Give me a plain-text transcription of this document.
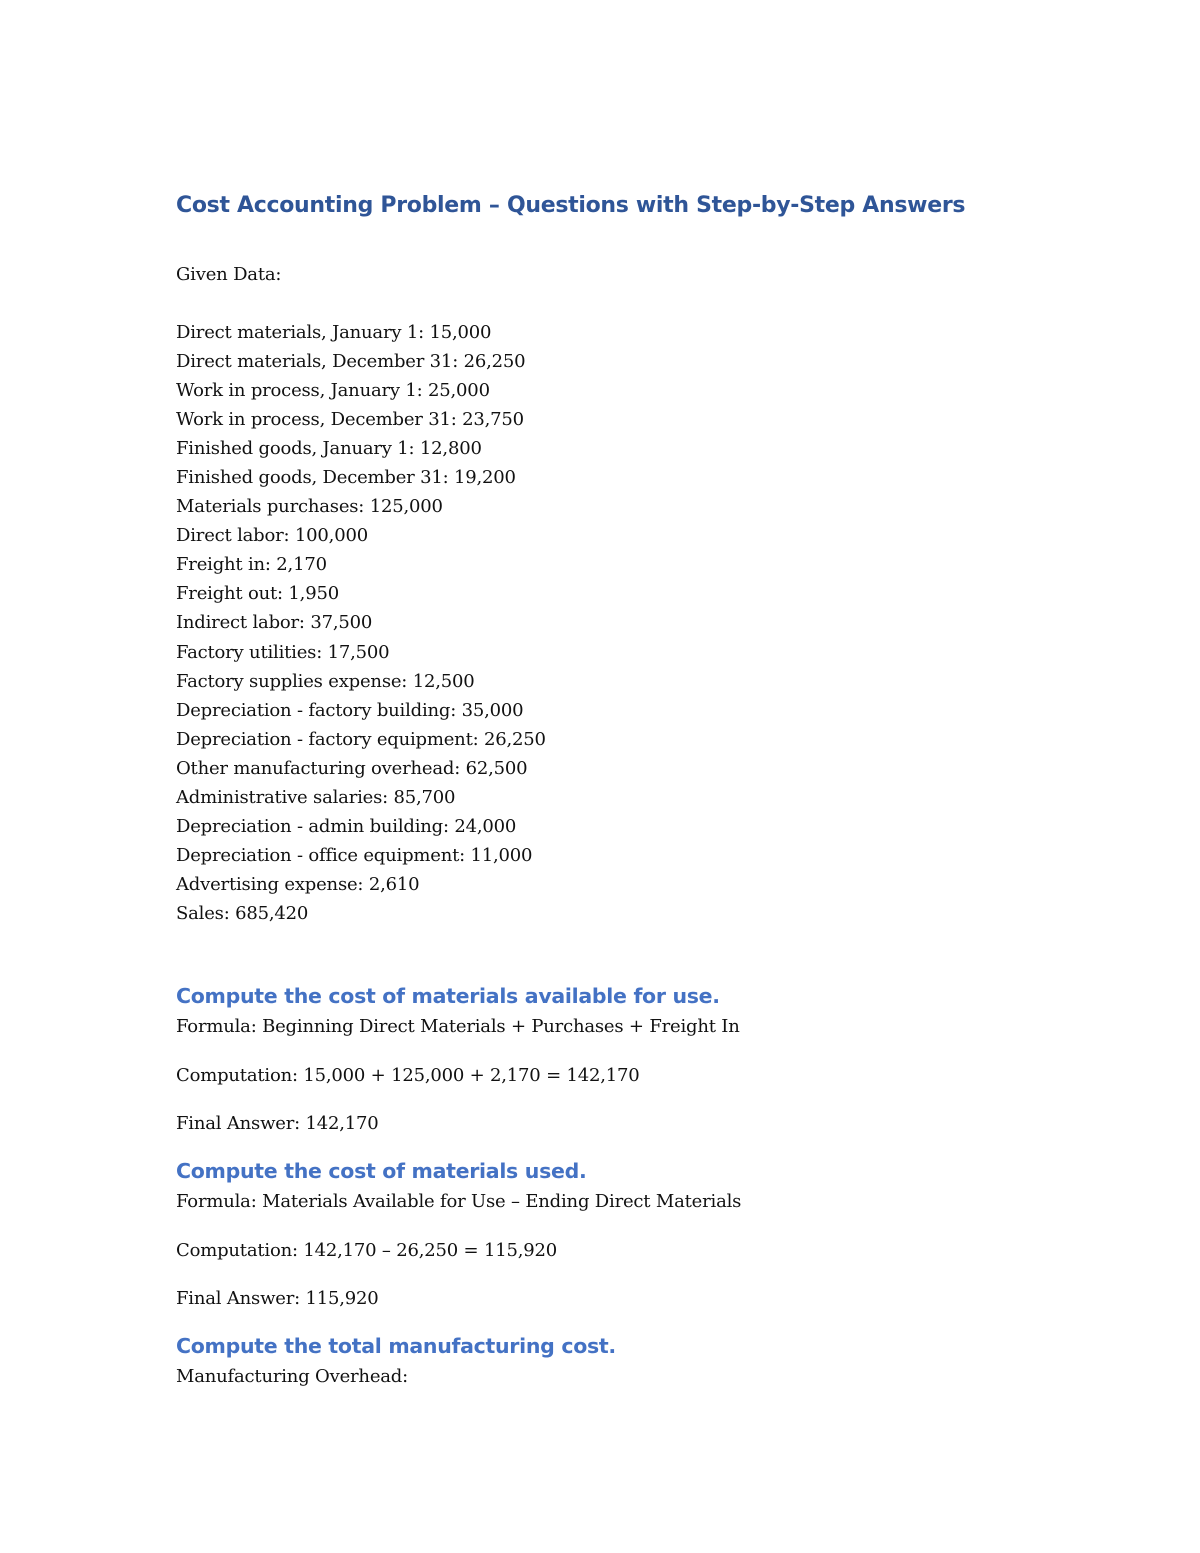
Cost Accounting Problem – Questions with Step-by-Step Answers

Given Data:

Direct materials, January 1: 15,000
Direct materials, December 31: 26,250
Work in process, January 1: 25,000
Work in process, December 31: 23,750
Finished goods, January 1: 12,800
Finished goods, December 31: 19,200
Materials purchases: 125,000
Direct labor: 100,000
Freight in: 2,170
Freight out: 1,950
Indirect labor: 37,500
Factory utilities: 17,500
Factory supplies expense: 12,500
Depreciation - factory building: 35,000
Depreciation - factory equipment: 26,250
Other manufacturing overhead: 62,500
Administrative salaries: 85,700
Depreciation - admin building: 24,000
Depreciation - office equipment: 11,000
Advertising expense: 2,610
Sales: 685,420
Compute the cost of materials available for use.

Formula: Beginning Direct Materials + Purchases + Freight In

Computation: 15,000 + 125,000 + 2,170 = 142,170

Final Answer: 142,170

Compute the cost of materials used.

Formula: Materials Available for Use – Ending Direct Materials

Computation: 142,170 – 26,250 = 115,920

Final Answer: 115,920

Compute the total manufacturing cost.

Manufacturing Overhead:
